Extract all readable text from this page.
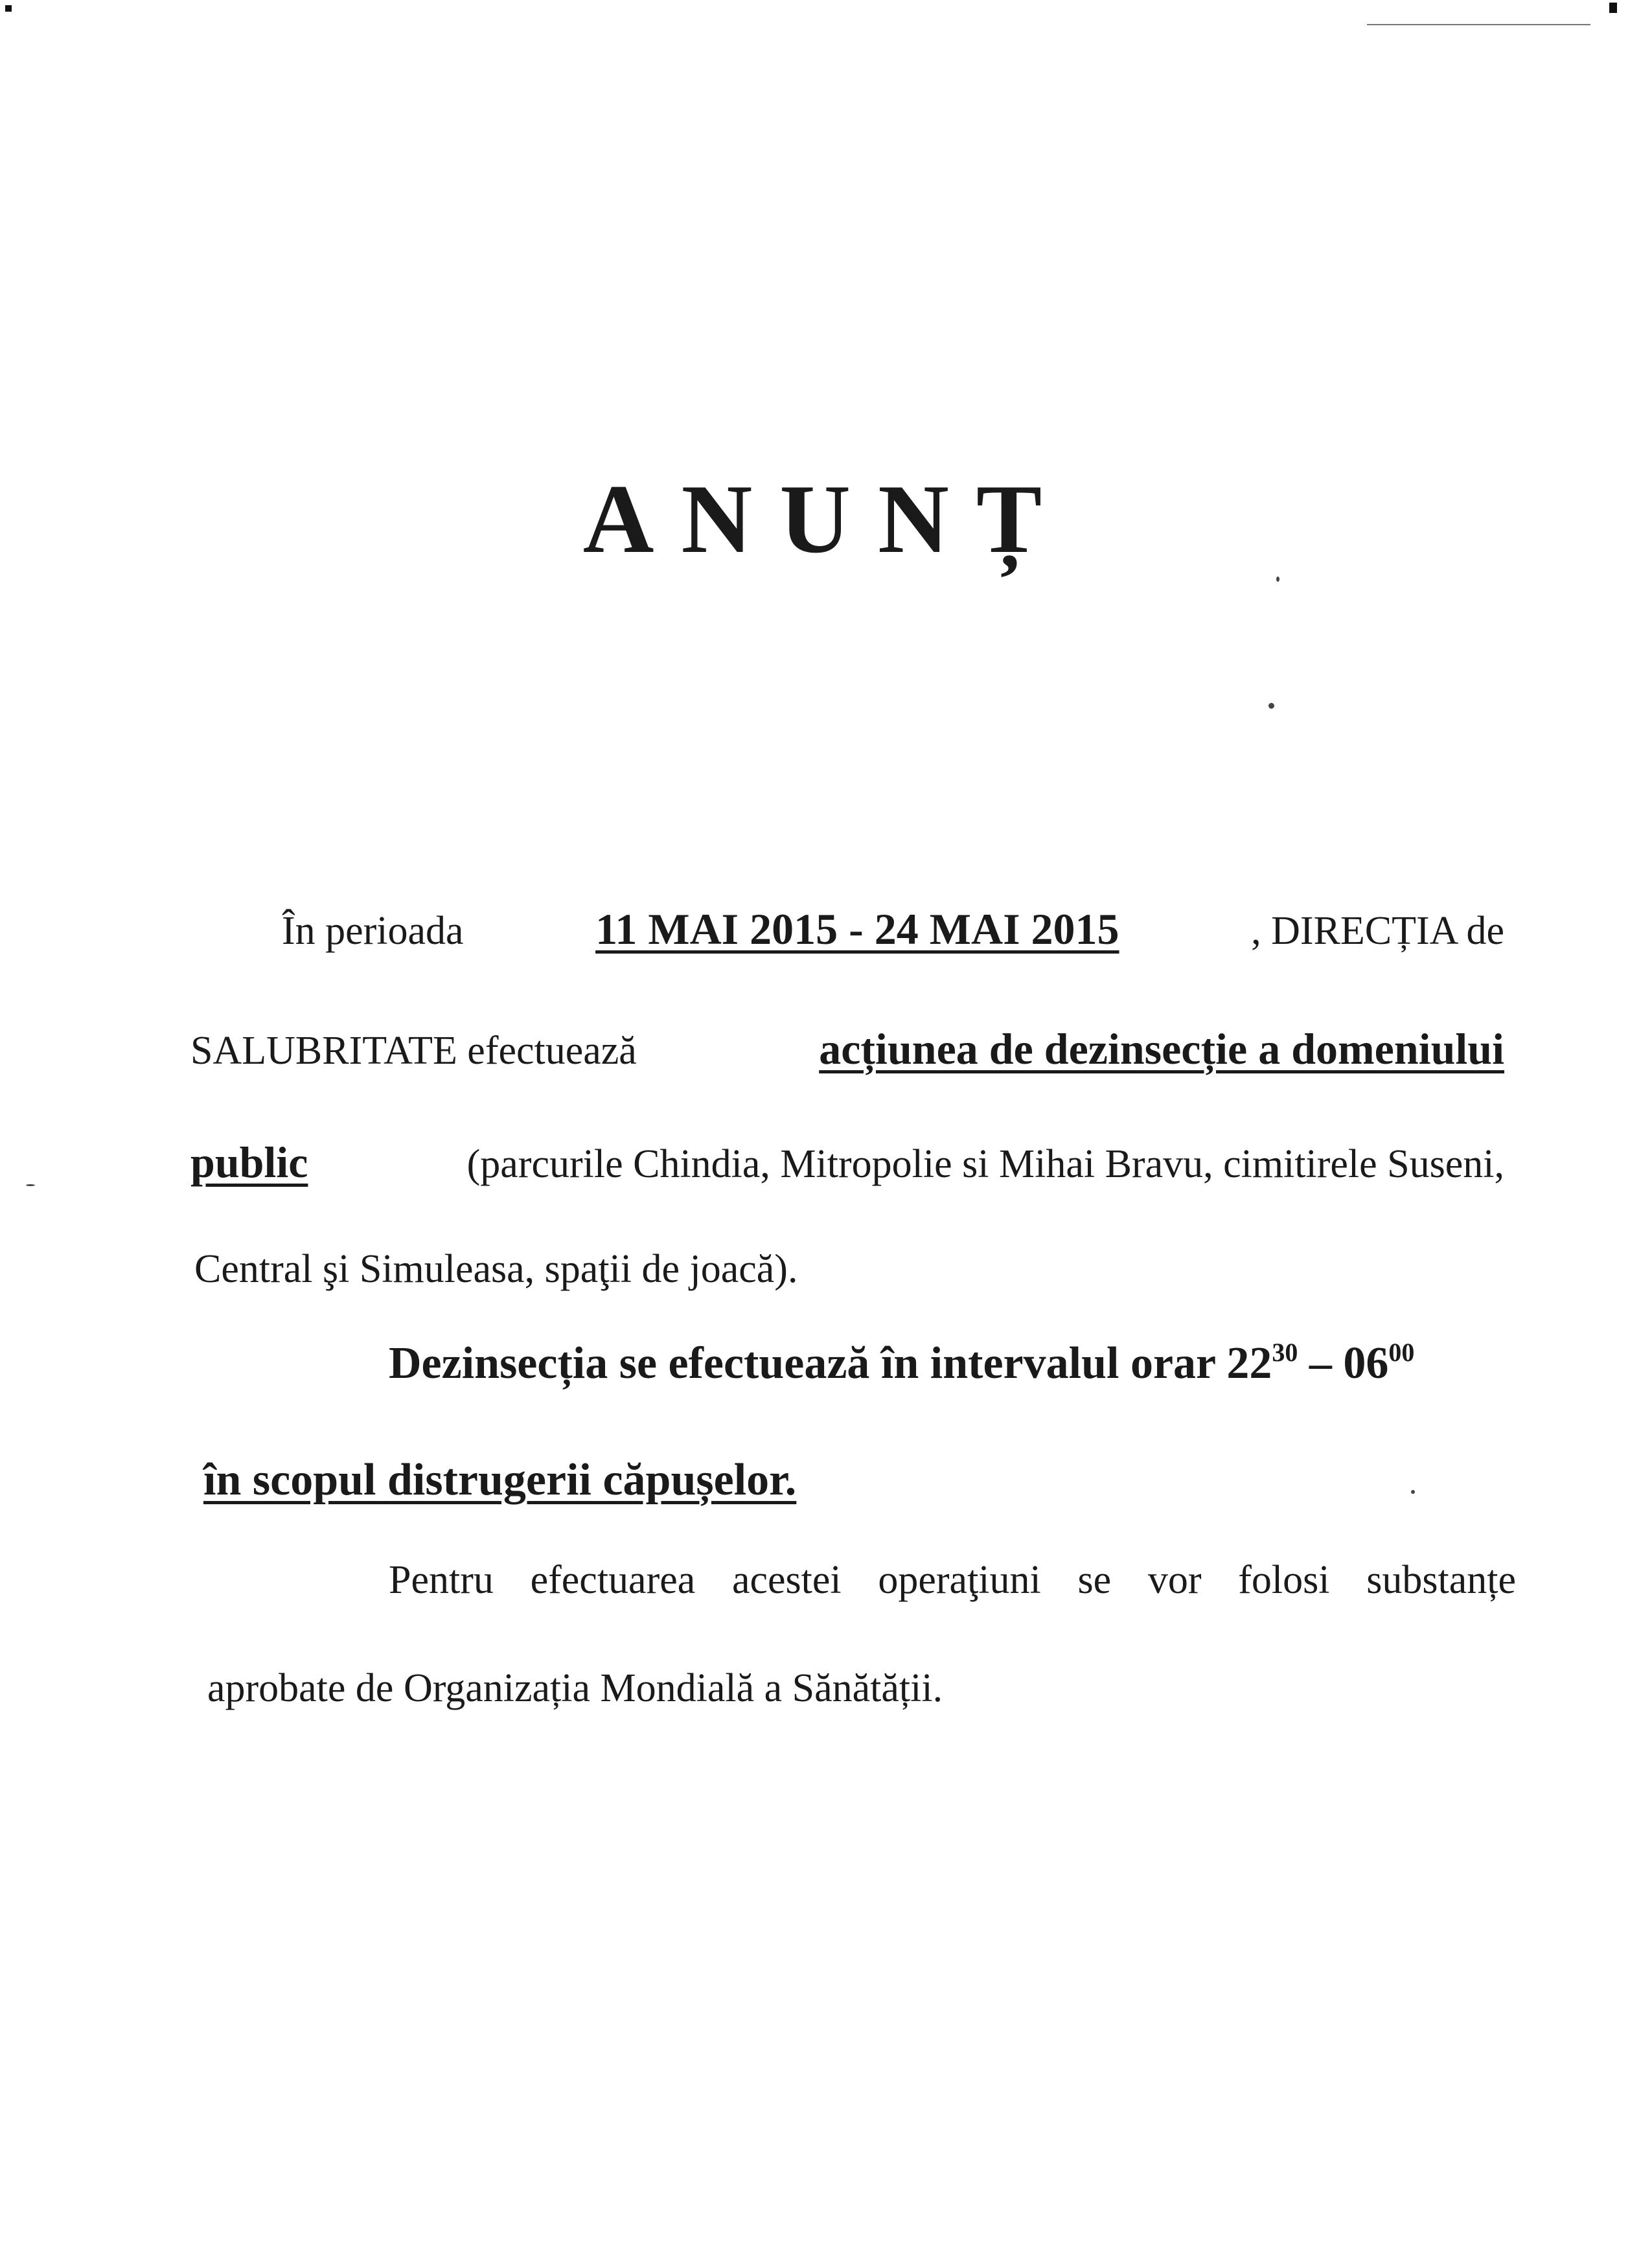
ANUNȚ
În perioada	11 MAI 2015 - 24 MAI 2015	, DIRECȚIA de
SALUBRITATE efectuează	acțiunea de dezinsecție a domeniului
public	(parcurile Chindia, Mitropolie si Mihai Bravu, cimitirele Suseni,
Central şi Simuleasa, spaţii de joacă).
Dezinsecția se efectuează în intervalul orar $22^{30} - 06^{00}$
în scopul distrugerii căpușelor.
Pentru efectuarea acestei operaţiuni se vor folosi substanțe
aprobate de Organizația Mondială a Sănătății.
